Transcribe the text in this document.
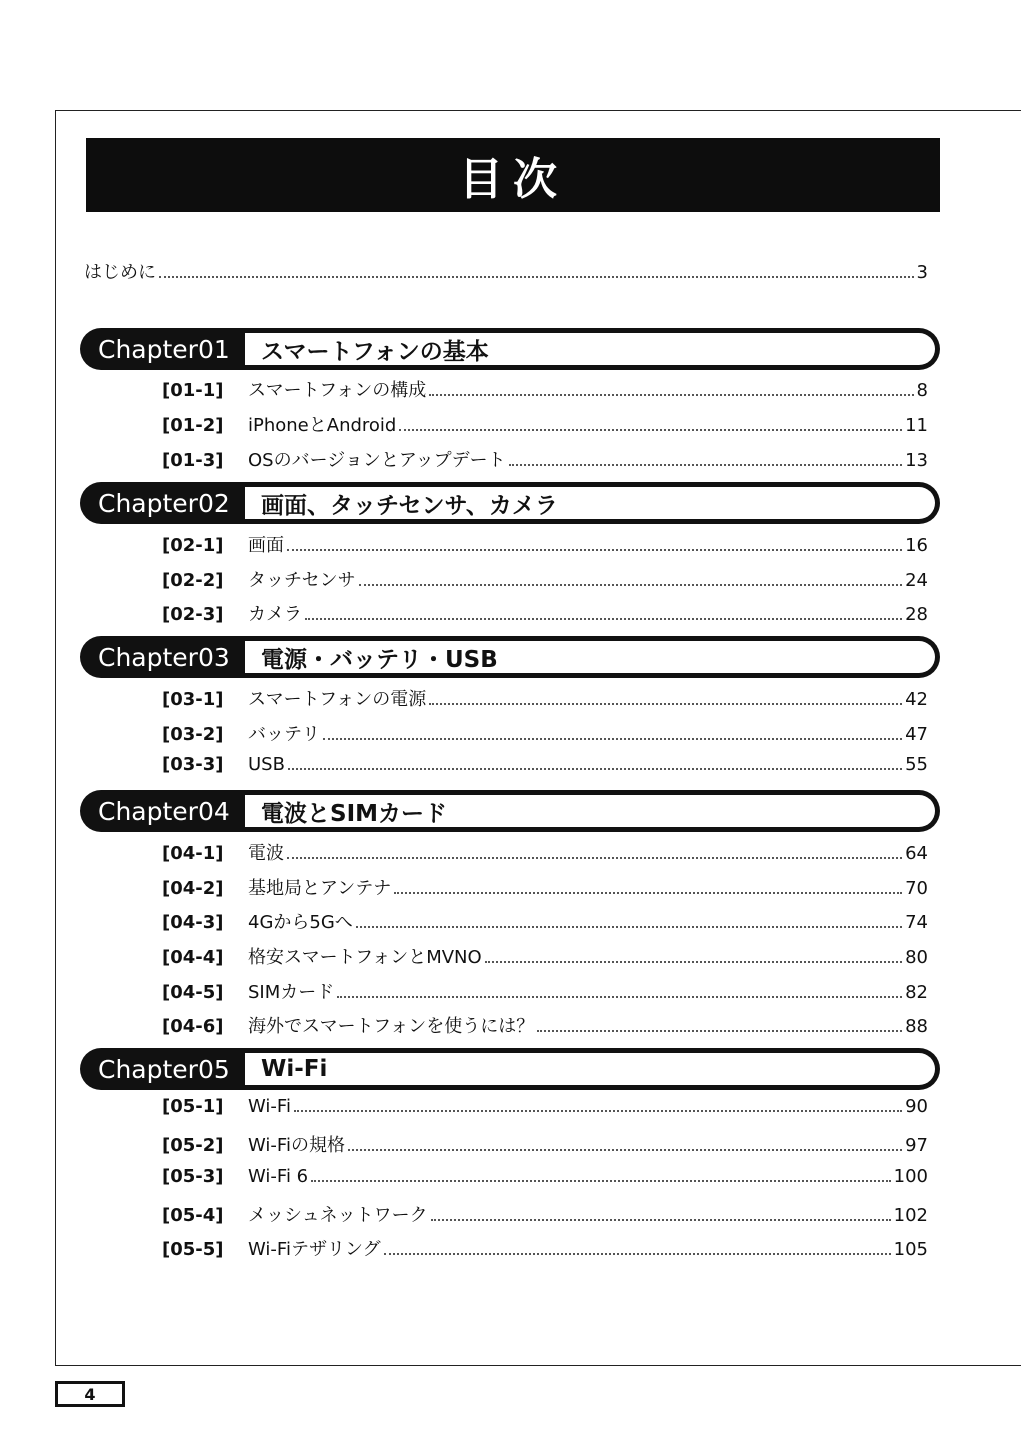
目次
はじめに	3
Chapter01	スマートフォンの基本
[01-1]	スマートフォンの構成	8
[01-2]	iPhoneとAndroid	11
[01-3]	OSのバージョンとアップデート	13
Chapter02	画面、タッチセンサ、カメラ
[02-1]	画面	16
[02-2]	タッチセンサ	24
[02-3]	カメラ	28
Chapter03	電源・バッテリ・USB
[03-1]	スマートフォンの電源	42
[03-2]	バッテリ	47
[03-3]	USB	55
Chapter04	電波とSIMカード
[04-1]	電波	64
[04-2]	基地局とアンテナ	70
[04-3]	4Gから5Gへ	74
[04-4]	格安スマートフォンとMVNO	80
[04-5]	SIMカード	82
[04-6]	海外でスマートフォンを使うには？	88
Chapter05	Wi-Fi
[05-1]	Wi-Fi	90
[05-2]	Wi-Fiの規格	97
[05-3]	Wi-Fi 6	100
[05-4]	メッシュネットワーク	102
[05-5]	Wi-Fiテザリング	105
4
